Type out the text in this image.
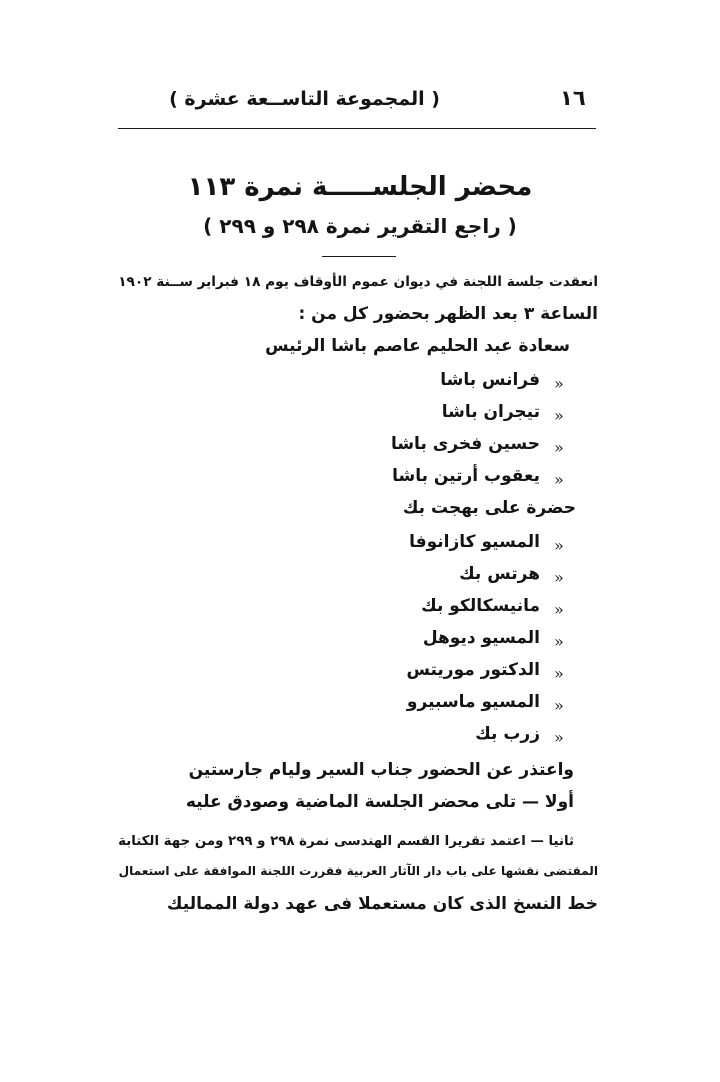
( المجموعة التاســعة عشرة )	١٦
محضر الجلســـــة نمرة ١١٣
( راجع التقرير نمرة ٢٩٨ و ٢٩٩ )
انعقدت جلسة اللجنة في ديوان عموم الأوقاف يوم ١٨ فبراير ســنة ١٩٠٢
الساعة ٣ بعد الظهر بحضور كل من :
سعادة عبد الحليم عاصم باشا الرئيس
«
فرانس باشا
«
تيجران باشا
«
حسين فخرى باشا
«
يعقوب أرتين باشا
حضرة على بهجت بك
«
المسيو كازانوفا
«
هرتس بك
«
مانيسكالكو بك
«
المسيو ديوهل
«
الدكتور موريتس
«
المسيو ماسبيرو
«
زرب بك
واعتذر عن الحضور جناب السير وليام جارستين
أولا — تلى محضر الجلسة الماضية وصودق عليه
ثانيا — اعتمد تقريرا القسم الهندسى نمرة ٢٩٨ و ٢٩٩ ومن جهة الكتابة
المقتضى نقشها على باب دار الآثار العربية فقررت اللجنة الموافقة على استعمال
خط النسخ الذى كان مستعملا فى عهد دولة المماليك
